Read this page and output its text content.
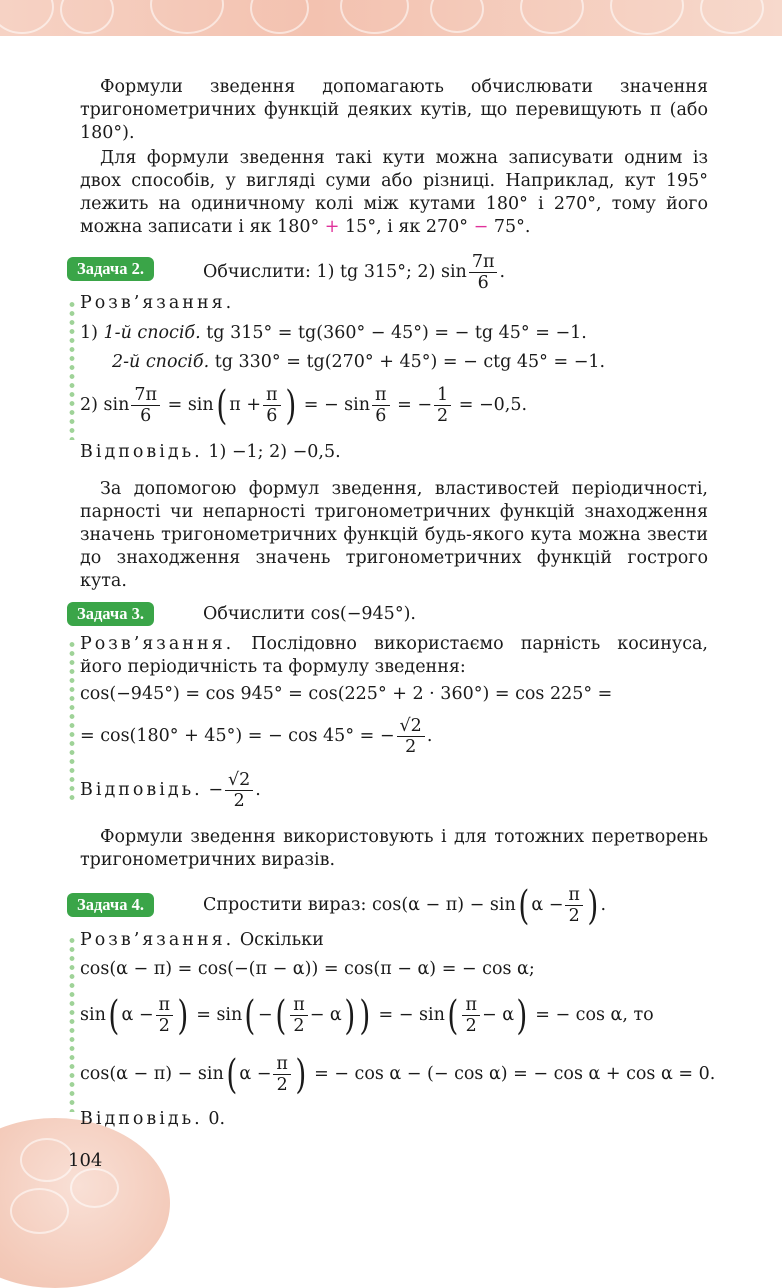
Формули зведення допомагають обчислювати значення тригонометричних функцій деяких кутів, що перевищують π (або 180°).
Для формули зведення такі кути можна записувати одним із двох способів, у вигляді суми або різниці. Наприклад, кут 195° лежить на одиничному колі між кутами 180° і 270°, тому його можна записати і як 180° + 15°, і як 270° − 75°.
Задача 2.	Обчислити: 1) tg 315°; 2) $\sin \frac{7\pi}{6}$ .
Розв’язання.
1) 1-й спосіб. tg 315° = tg(360° − 45°) = − tg 45° = −1.
2-й спосіб. tg 330° = tg(270° + 45°) = − ctg 45° = −1.
2) $\sin \frac{7\pi}{6} = \sin$( $\pi + \frac{\pi}{6}$ ) = − $\sin \frac{\pi}{6}$ = − $\frac{1}{2} = -0,5$.
Відповідь. 1) −1; 2) −0,5.
За допомогою формул зведення, властивостей періодичності, парності чи непарності тригонометричних функцій знаходження значень тригонометричних функцій будь-якого кута можна звести до знаходження значень тригонометричних функцій гострого кута.
Задача 3.	Обчислити cos(−945°).
Розв’язання. Послідовно використаємо парність косинуса, його періодичність та формулу зведення:
cos(−945°) = cos 945° = cos(225° + 2 · 360°) = cos 225° =
= cos(180° + 45°) = − cos 45° = − $\frac{√2}{2}$ .
Відповідь. − $\frac{√2}{2}$ .
Формули зведення використовують і для тотожних перетворень тригонометричних виразів.
Задача 4.	Спростити вираз: cos(α − π) − sin( $\alpha - \frac{\pi}{2}$ ) .
Розв’язання. Оскільки
cos(α − π) = cos(−(π − α)) = cos(π − α) = − cos α;
sin( $\alpha - \frac{\pi}{2}$ ) = sin( −( $\frac{\pi}{2} - \alpha$) ) = − $\sin( \frac{\pi}{2} - \alpha)$ = − cos α, то
cos(α − π) − sin( $\alpha - \frac{\pi}{2}$ ) = − cos α − (− cos α) = − cos α + cos α = 0.
Відповідь. 0.
104
